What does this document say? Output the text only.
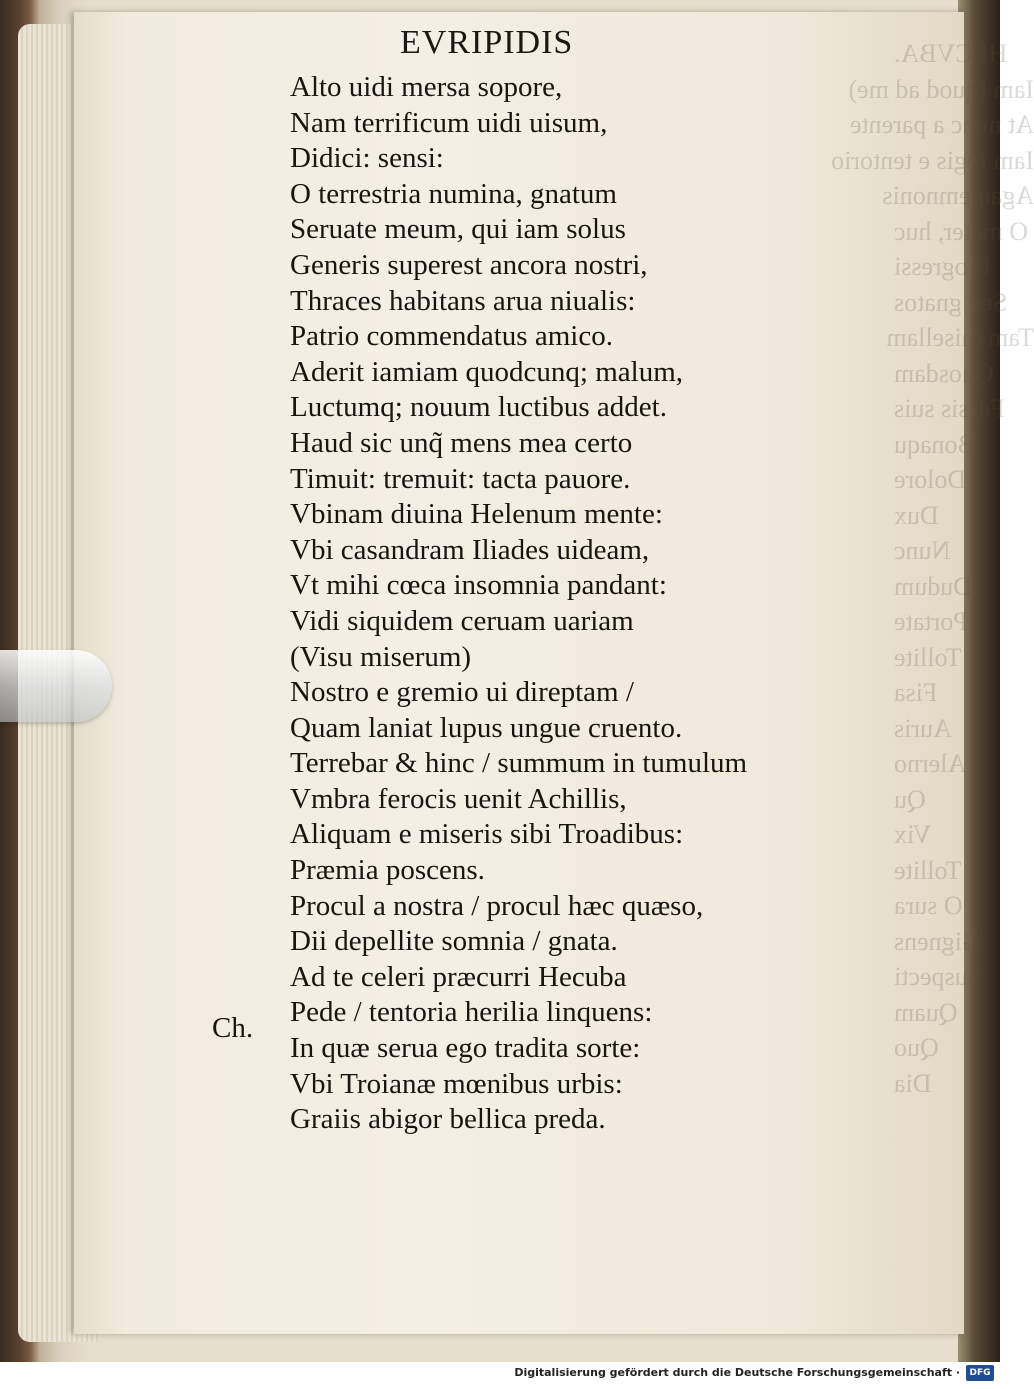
HECVBA.
Iam (quod ad me)
At nunc a parente
Iam regis e tentorio
Agamemnonis
O mater, huc
Progressi
Sed gnatos
Tam misellam
Quosdam
Fessis suis
Bonaqu
Dolore
Dux
Nunc
Dudum
Portate
Tollite
Fisa
Auris
Alerno
Qu
Vix
Tollite
O sura
Gignens
Suspecti
Quam
Quo
Dia
EVRIPIDIS
Ch.
Alto uidi mersa sopore,
Nam terrificum uidi uisum,
Didici: sensi:
O terrestria numina, gnatum
Seruate meum, qui iam solus
Generis superest ancora nostri,
Thraces habitans arua niualis:
Patrio commendatus amico.
Aderit iamiam quodcunq; malum,
Luctumq; nouum luctibus addet.
Haud sic unq̃ mens mea certo
Timuit: tremuit: tacta pauore.
Vbinam diuina Helenum mente:
Vbi casandram Iliades uideam,
Vt mihi cœca insomnia pandant:
Vidi siquidem ceruam uariam
(Visu miserum)
Nostro e gremio ui direptam /
Quam laniat lupus ungue cruento.
Terrebar & hinc / summum in tumulum
Vmbra ferocis uenit Achillis,
Aliquam e miseris sibi Troadibus:
Præmia poscens.
Procul a nostra / procul hæc quæso,
Dii depellite somnia / gnata.
Ad te celeri præcurri Hecuba
Pede / tentoria herilia linquens:
In quæ serua ego tradita sorte:
Vbi Troianæ mœnibus urbis:
Graiis abigor bellica preda.
Digitalisierung gefördert durch die Deutsche Forschungsgemeinschaft ·	DFG
